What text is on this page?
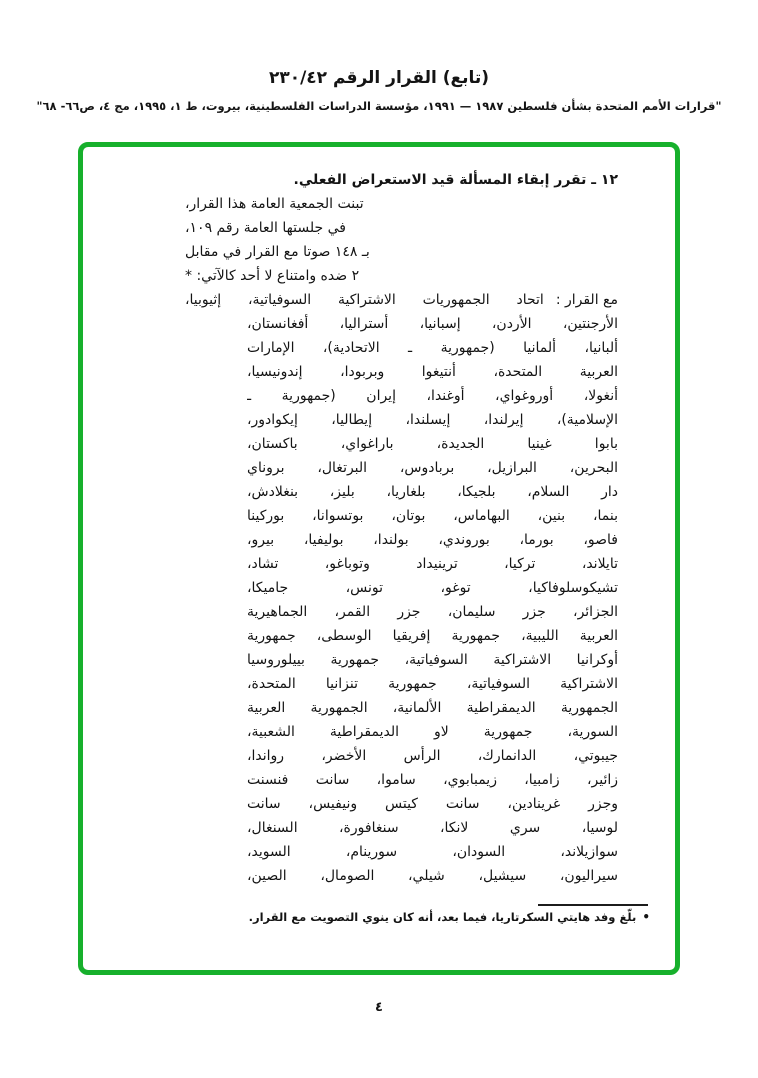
(تابع) القرار الرقم ٢٣٠/٤٢
"قرارات الأمم المتحدة بشأن فلسطين ١٩٨٧ — ١٩٩١، مؤسسة الدراسات الفلسطينية، بيروت، ط ١، ١٩٩٥، مج ٤، ص٦٦- ٦٨"
١٢ ـ تقرر إبقاء المسألة قيد الاستعراض الفعلي.
تبنت الجمعية العامة هذا القرار،
في جلستها العامة رقم ١٠٩،
بـ ١٤٨ صوتا مع القرار في مقابل
٢ ضده وامتناع لا أحد كالآتي: *
مع القرار :
اتحاد الجمهوريات الاشتراكية السوفياتية، إثيوبيا،
الأرجنتين، الأردن، إسبانيا، أستراليا، أفغانستان،
ألبانيا، ألمانيا (جمهورية ـ الاتحادية)، الإمارات
العربية المتحدة، أنتيغوا وبربودا، إندونيسيا،
أنغولا، أوروغواي، أوغندا، إيران (جمهورية ـ
الإسلامية)، إيرلندا، إيسلندا، إيطاليا، إيكوادور،
بابوا غينيا الجديدة، باراغواي، باكستان،
البحرين، البرازيل، بربادوس، البرتغال، بروناي
دار السلام، بلجيكا، بلغاريا، بليز، بنغلادش،
بنما، بنين، البهاماس، بوتان، بوتسوانا، بوركينا
فاصو، بورما، بوروندي، بولندا، بوليفيا، بيرو،
تايلاند، تركيا، ترينيداد وتوباغو، تشاد،
تشيكوسلوفاكيا، توغو، تونس، جاميكا،
الجزائر، جزر سليمان، جزر القمر، الجماهيرية
العربية الليبية، جمهورية إفريقيا الوسطى، جمهورية
أوكرانيا الاشتراكية السوفياتية، جمهورية بييلوروسيا
الاشتراكية السوفياتية، جمهورية تنزانيا المتحدة،
الجمهورية الديمقراطية الألمانية، الجمهورية العربية
السورية، جمهورية لاو الديمقراطية الشعبية،
جيبوتي، الدانمارك، الرأس الأخضر، رواندا،
زائير، زامبيا، زيمبابوي، ساموا، سانت فنسنت
وجزر غرينادين، سانت كيتس ونيفيس، سانت
لوسيا، سري لانكا، سنغافورة، السنغال،
سوازيلاند، السودان، سورينام، السويد،
سيراليون، سيشيل، شيلي، الصومال، الصين،
•بلّغ وفد هايتي السكرتاريا، فيما بعد، أنه كان ينوي التصويت مع القرار.
٤
